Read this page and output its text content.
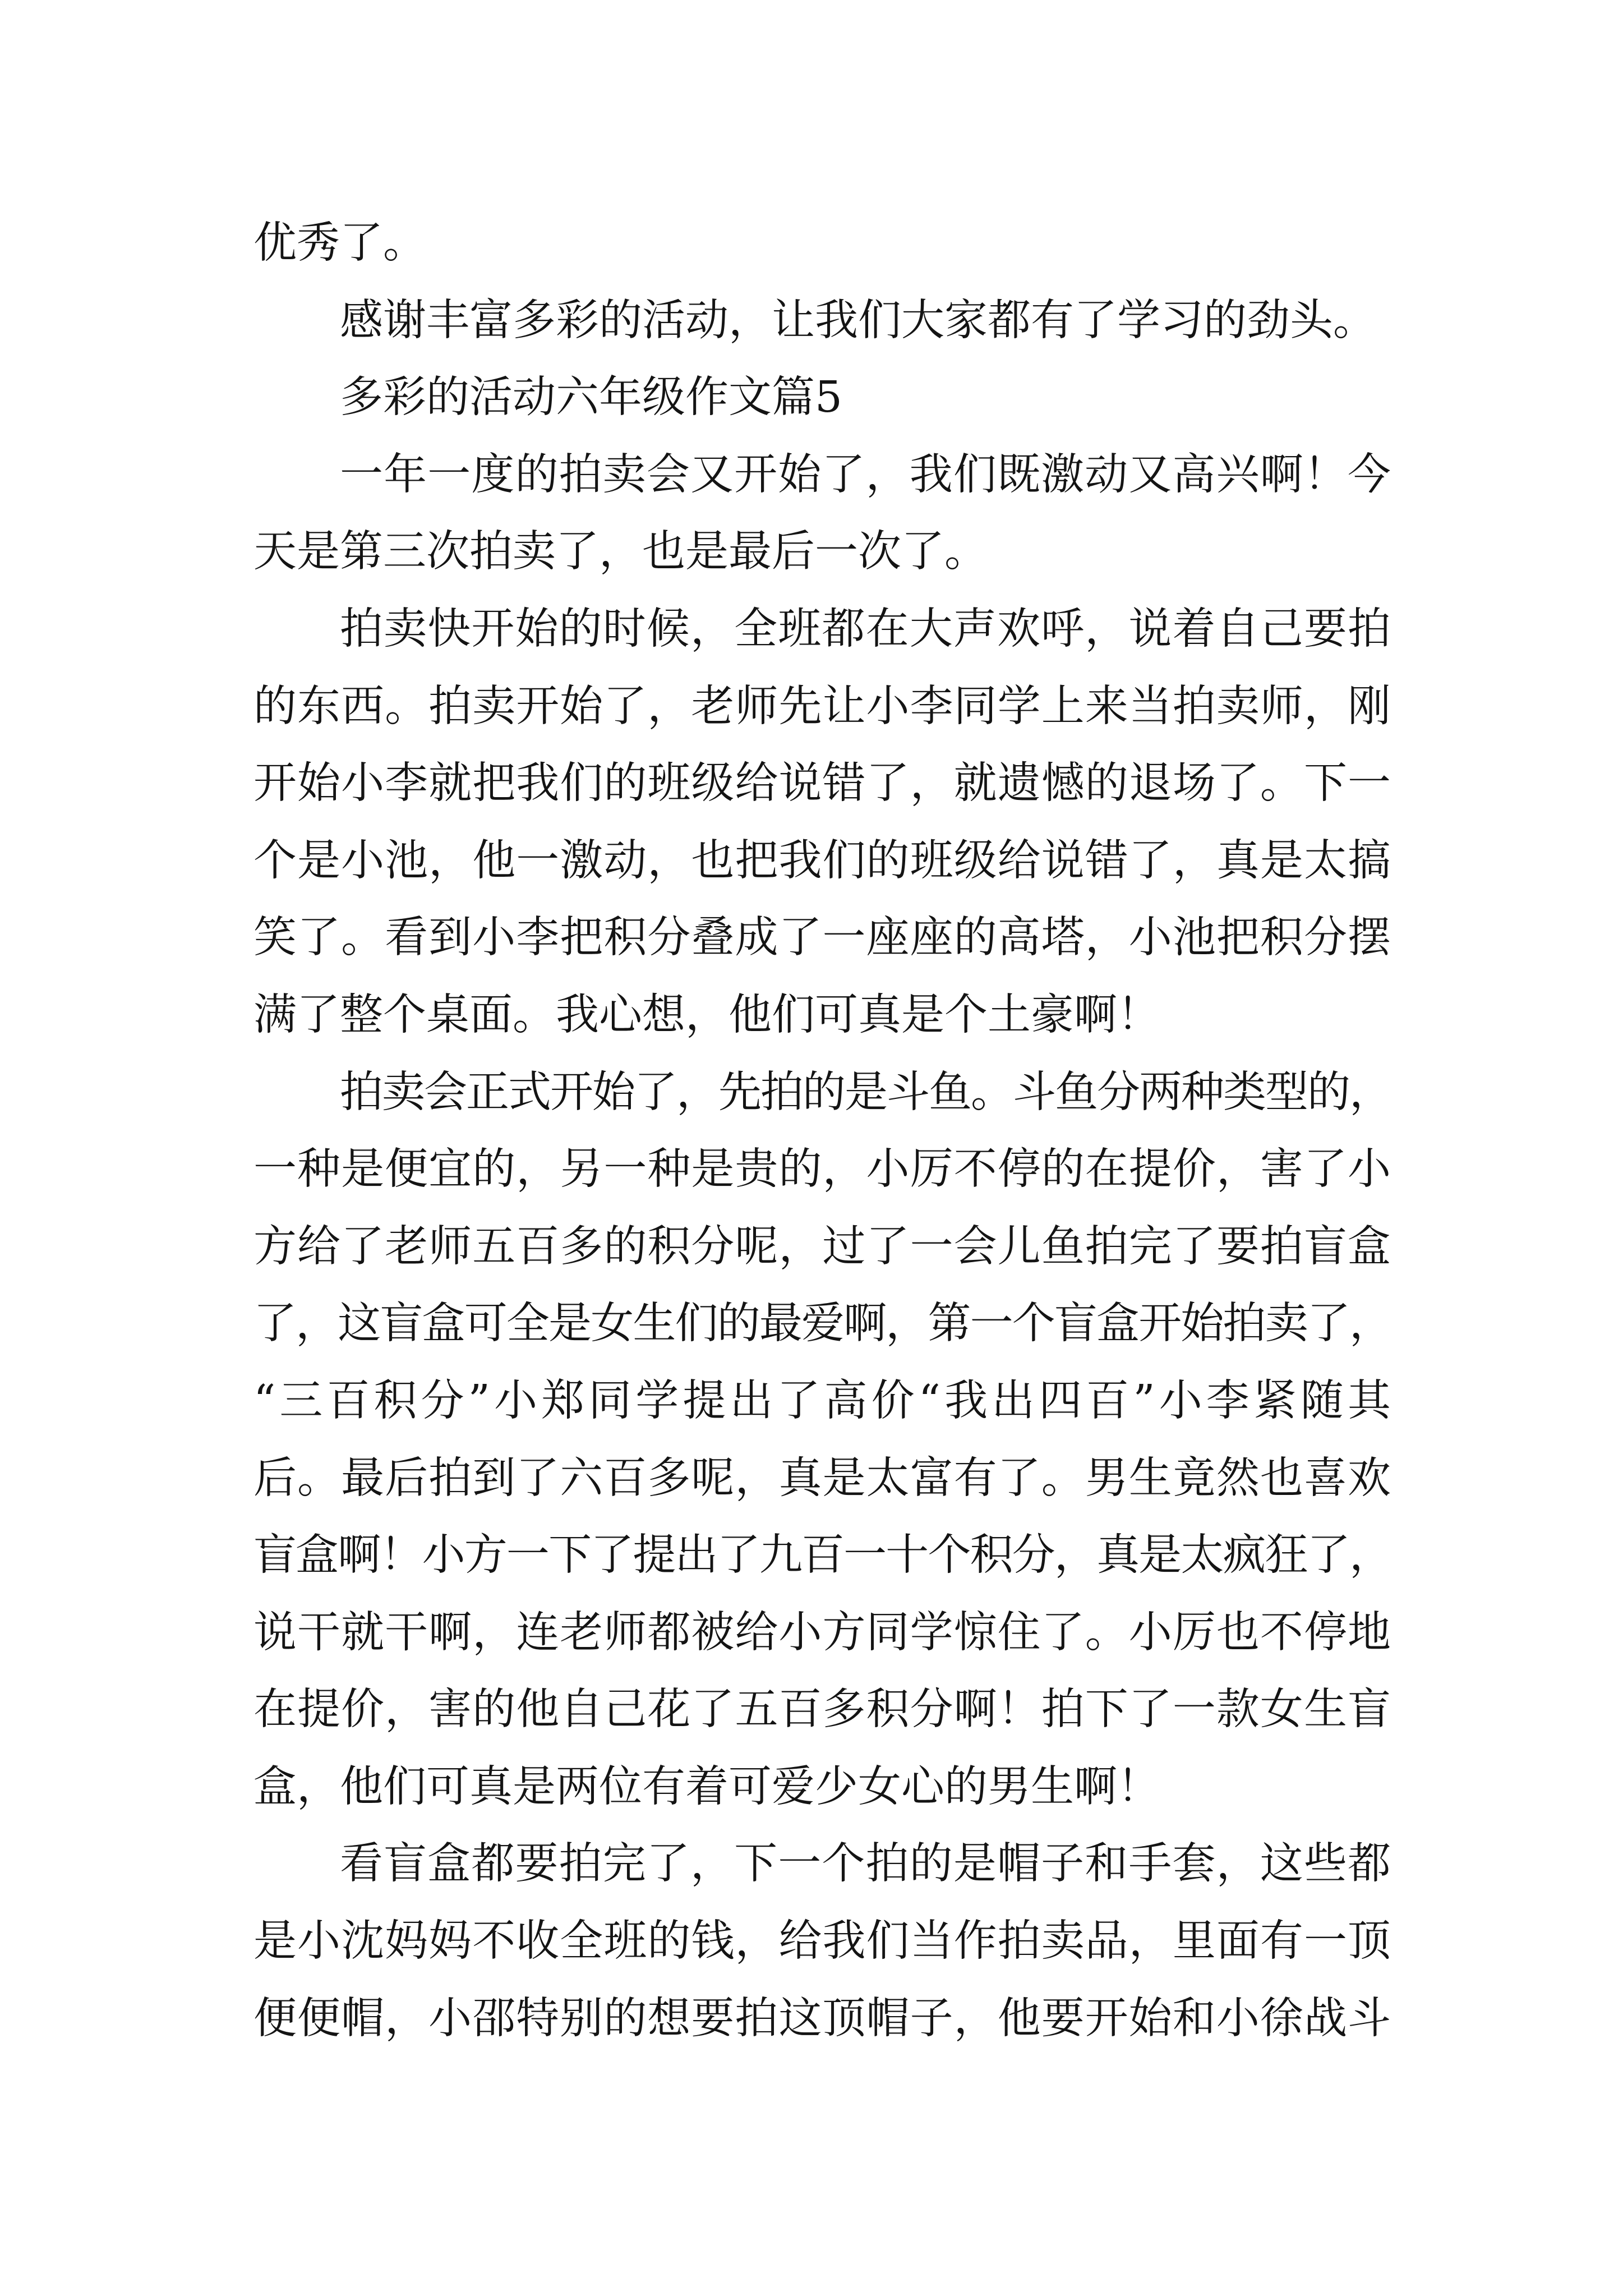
优秀了。
感谢丰富多彩的活动，让我们大家都有了学习的劲头。
多彩的活动六年级作文篇5
一年一度的拍卖会又开始了，我们既激动又高兴啊！今
天是第三次拍卖了，也是最后一次了。
拍卖快开始的时候，全班都在大声欢呼，说着自己要拍
的东西。拍卖开始了，老师先让小李同学上来当拍卖师，刚
开始小李就把我们的班级给说错了，就遗憾的退场了。下一
个是小池，他一激动，也把我们的班级给说错了，真是太搞
笑了。看到小李把积分叠成了一座座的高塔，小池把积分摆
满了整个桌面。我心想，他们可真是个土豪啊！
拍卖会正式开始了，先拍的是斗鱼。斗鱼分两种类型的，
一种是便宜的，另一种是贵的，小厉不停的在提价，害了小
方给了老师五百多的积分呢，过了一会儿鱼拍完了要拍盲盒
了，这盲盒可全是女生们的最爱啊，第一个盲盒开始拍卖了，
“三百积分”小郑同学提出了高价“我出四百”小李紧随其
后。最后拍到了六百多呢，真是太富有了。男生竟然也喜欢
盲盒啊！小方一下了提出了九百一十个积分，真是太疯狂了，
说干就干啊，连老师都被给小方同学惊住了。小厉也不停地
在提价，害的他自己花了五百多积分啊！拍下了一款女生盲
盒，他们可真是两位有着可爱少女心的男生啊！
看盲盒都要拍完了，下一个拍的是帽子和手套，这些都
是小沈妈妈不收全班的钱，给我们当作拍卖品，里面有一顶
便便帽，小邵特别的想要拍这顶帽子，他要开始和小徐战斗
